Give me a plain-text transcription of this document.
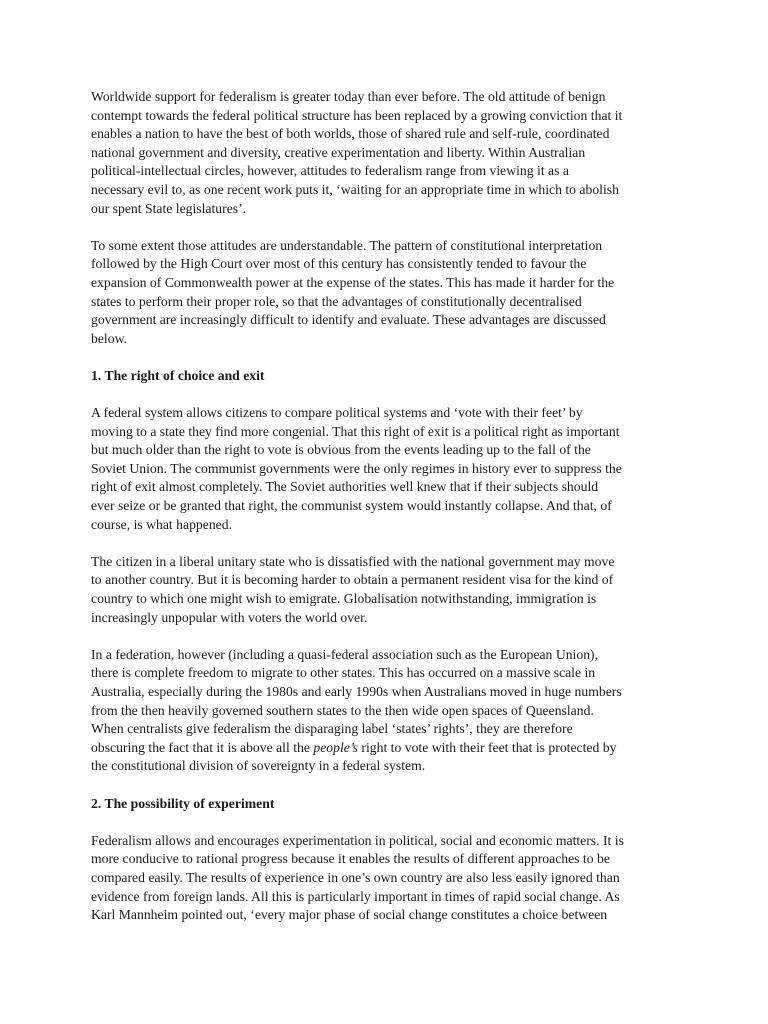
Worldwide support for federalism is greater today than ever before. The old attitude of benign
contempt towards the federal political structure has been replaced by a growing conviction that it
enables a nation to have the best of both worlds, those of shared rule and self-rule, coordinated
national government and diversity, creative experimentation and liberty. Within Australian
political-intellectual circles, however, attitudes to federalism range from viewing it as a
necessary evil to, as one recent work puts it, ‘waiting for an appropriate time in which to abolish
our spent State legislatures’.

To some extent those attitudes are understandable. The pattern of constitutional interpretation
followed by the High Court over most of this century has consistently tended to favour the
expansion of Commonwealth power at the expense of the states. This has made it harder for the
states to perform their proper role, so that the advantages of constitutionally decentralised
government are increasingly difficult to identify and evaluate. These advantages are discussed
below.

1. The right of choice and exit

A federal system allows citizens to compare political systems and ‘vote with their feet’ by
moving to a state they find more congenial. That this right of exit is a political right as important
but much older than the right to vote is obvious from the events leading up to the fall of the
Soviet Union. The communist governments were the only regimes in history ever to suppress the
right of exit almost completely. The Soviet authorities well knew that if their subjects should
ever seize or be granted that right, the communist system would instantly collapse. And that, of
course, is what happened.

The citizen in a liberal unitary state who is dissatisfied with the national government may move
to another country. But it is becoming harder to obtain a permanent resident visa for the kind of
country to which one might wish to emigrate. Globalisation notwithstanding, immigration is
increasingly unpopular with voters the world over.

In a federation, however (including a quasi-federal association such as the European Union),
there is complete freedom to migrate to other states. This has occurred on a massive scale in
Australia, especially during the 1980s and early 1990s when Australians moved in huge numbers
from the then heavily governed southern states to the then wide open spaces of Queensland.
When centralists give federalism the disparaging label ‘states’ rights’, they are therefore
obscuring the fact that it is above all the people’s right to vote with their feet that is protected by
the constitutional division of sovereignty in a federal system.

2. The possibility of experiment

Federalism allows and encourages experimentation in political, social and economic matters. It is
more conducive to rational progress because it enables the results of different approaches to be
compared easily. The results of experience in one’s own country are also less easily ignored than
evidence from foreign lands. All this is particularly important in times of rapid social change. As
Karl Mannheim pointed out, ‘every major phase of social change constitutes a choice between
